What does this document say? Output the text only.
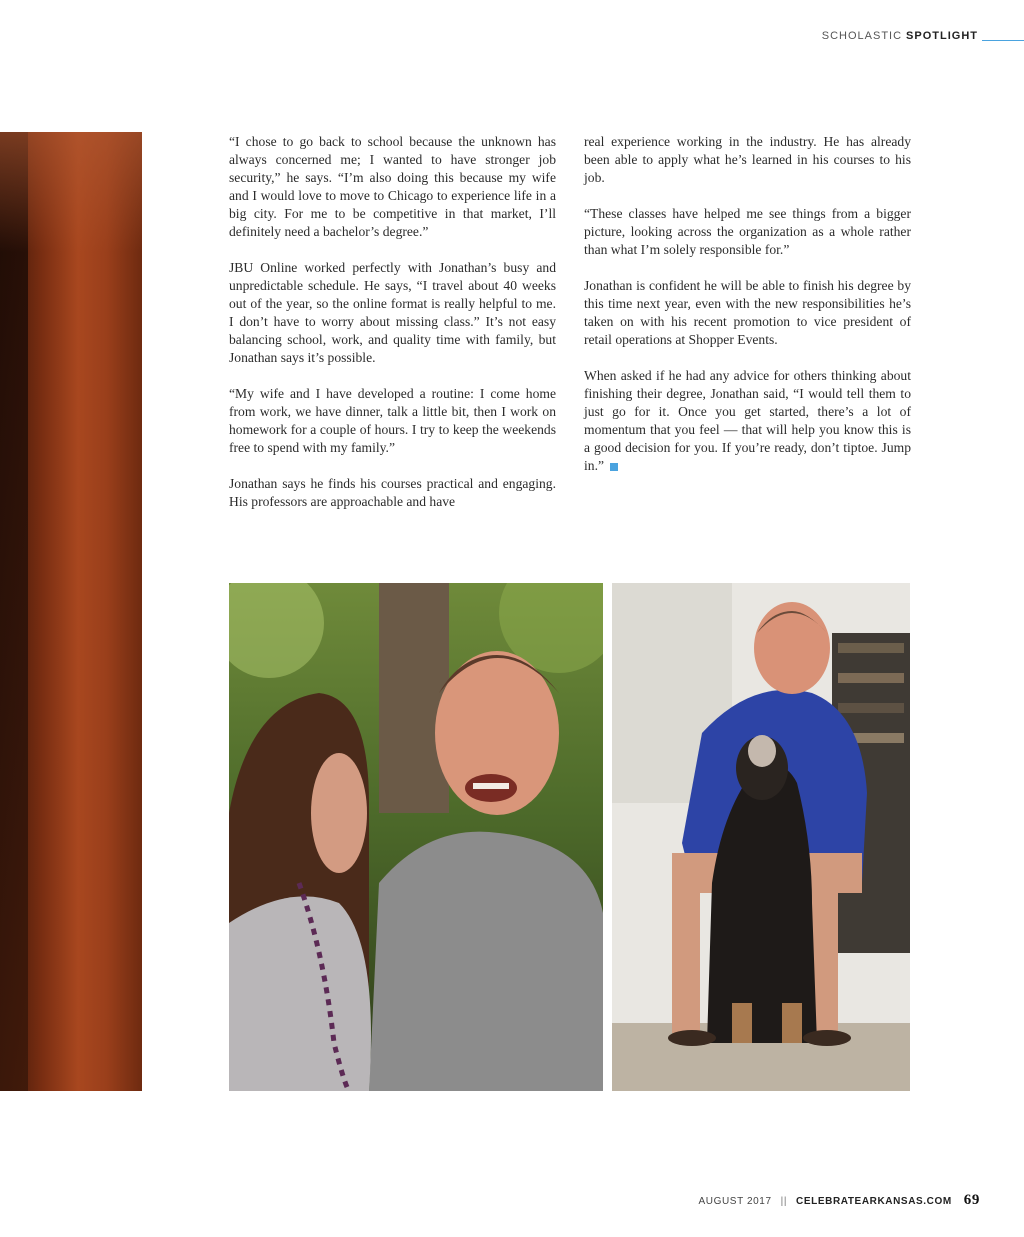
SCHOLASTIC SPOTLIGHT

“I chose to go back to school because the unknown has always concerned me; I wanted to have stronger job security,” he says. “I’m also doing this because my wife and I would love to move to Chicago to experience life in a big city. For me to be competitive in that market, I’ll definitely need a bachelor’s degree.”

JBU Online worked perfectly with Jonathan’s busy and unpredictable schedule. He says, “I travel about 40 weeks out of the year, so the online format is really helpful to me. I don’t have to worry about missing class.” It’s not easy balancing school, work, and quality time with family, but Jonathan says it’s possible.

“My wife and I have developed a routine: I come home from work, we have dinner, talk a little bit, then I work on homework for a couple of hours. I try to keep the weekends free to spend with my family.”

Jonathan says he finds his courses practical and engaging. His professors are approachable and have

real experience working in the industry. He has already been able to apply what he’s learned in his courses to his job.

“These classes have helped me see things from a bigger picture, looking across the organization as a whole rather than what I’m solely responsible for.”

Jonathan is confident he will be able to finish his degree by this time next year, even with the new responsibilities he’s taken on with his recent promotion to vice president of retail operations at Shopper Events.

When asked if he had any advice for others thinking about finishing their degree, Jonathan said, “I would tell them to just go for it. Once you get started, there’s a lot of momentum that you feel — that will help you know this is a good decision for you. If you’re ready, don’t tiptoe. Jump in.”

AUGUST 2017 || CELEBRATEARKANSAS.COM 69
